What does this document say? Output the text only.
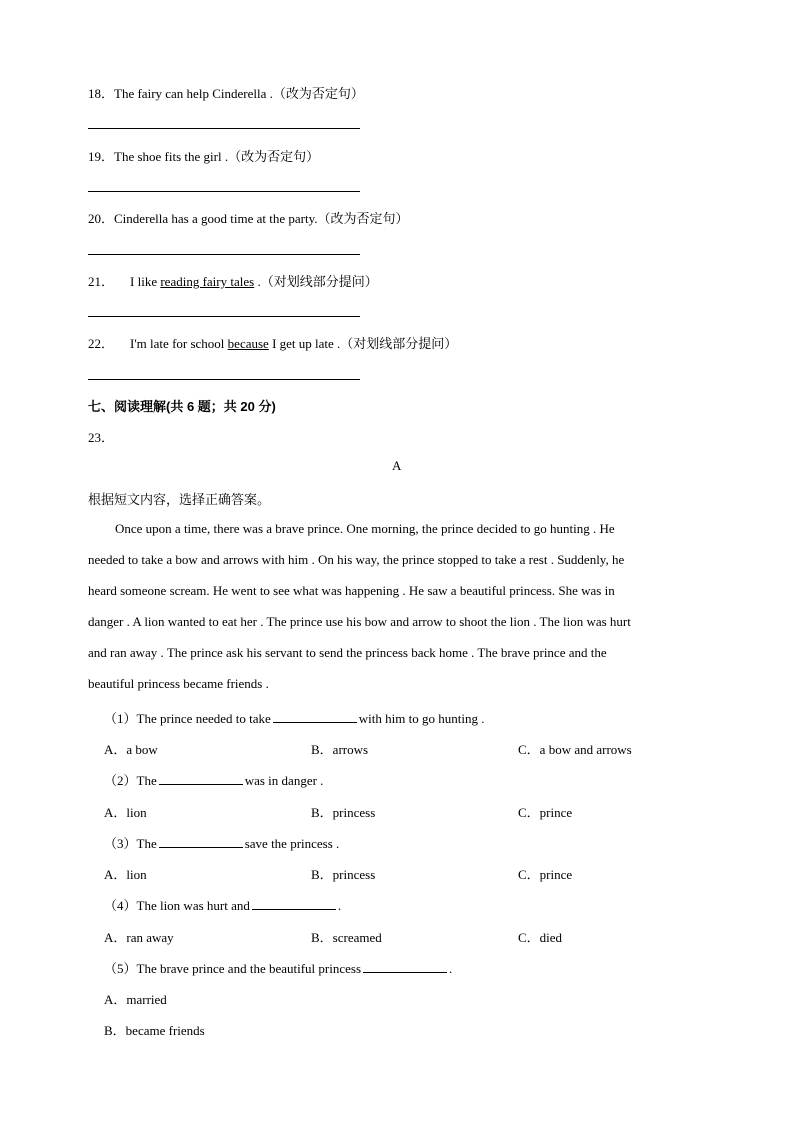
18．The fairy can help Cinderella .（改为否定句）
19．The shoe fits the girl .（改为否定句）
20．Cinderella has a good time at the party.（改为否定句）
21． I like reading fairy tales .（对划线部分提问）
22． I'm late for school because I get up late .（对划线部分提问）
七、阅读理解(共 6 题；共 20 分)
23．
A
根据短文内容，选择正确答案。
Once upon a time, there was a brave prince. One morning, the prince decided to go hunting . He
needed to take a bow and arrows with him . On his way, the prince stopped to take a rest . Suddenly, he
heard someone scream. He went to see what was happening . He saw a beautiful princess. She was in
danger . A lion wanted to eat her . The prince use his bow and arrow to shoot the lion . The lion was hurt
and ran away . The prince ask his servant to send the princess back home . The brave prince and the
beautiful princess became friends .
（1）The prince needed to take	with him to go hunting .
A．a bow	B．arrows	C．a bow and arrows
（2）The	was in danger .
A．lion	B．princess	C．prince
（3）The	save the princess .
A．lion	B．princess	C．prince
（4）The lion was hurt and	.
A．ran away	B．screamed	C．died
（5）The brave prince and the beautiful princess	.
A．married
B．became friends
